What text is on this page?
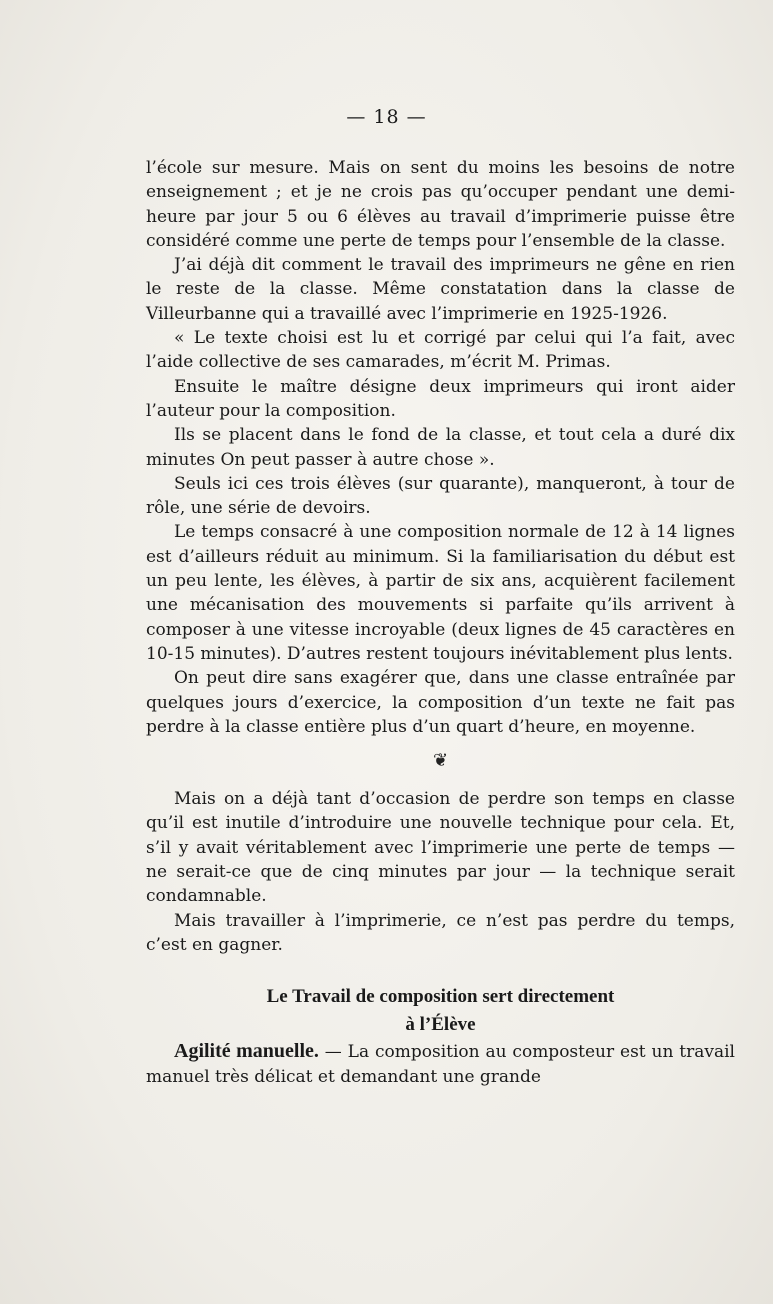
— 18 —

l’école sur mesure. Mais on sent du moins les besoins de notre enseignement ; et je ne crois pas qu’occuper pendant une demi-heure par jour 5 ou 6 élèves au travail d’imprimerie puisse être considéré comme une perte de temps pour l’ensemble de la classe.

J’ai déjà dit comment le travail des imprimeurs ne gêne en rien le reste de la classe. Même constatation dans la classe de Villeurbanne qui a travaillé avec l’imprimerie en 1925-1926.

« Le texte choisi est lu et corrigé par celui qui l’a fait, avec l’aide collective de ses camarades, m’écrit M. Primas.

Ensuite le maître désigne deux imprimeurs qui iront aider l’auteur pour la composition.

Ils se placent dans le fond de la classe, et tout cela a duré dix minutes On peut passer à autre chose ».

Seuls ici ces trois élèves (sur quarante), manqueront, à tour de rôle, une série de devoirs.

Le temps consacré à une composition normale de 12 à 14 lignes est d’ailleurs réduit au minimum. Si la familiarisation du début est un peu lente, les élèves, à partir de six ans, acquièrent facilement une mécanisation des mouvements si parfaite qu’ils arrivent à composer à une vitesse incroyable (deux lignes de 45 caractères en 10-15 minutes). D’autres restent toujours inévitablement plus lents.

On peut dire sans exagérer que, dans une classe entraînée par quelques jours d’exercice, la composition d’un texte ne fait pas perdre à la classe entière plus d’un quart d’heure, en moyenne.

❦

Mais on a déjà tant d’occasion de perdre son temps en classe qu’il est inutile d’introduire une nouvelle technique pour cela. Et, s’il y avait véritablement avec l’imprimerie une perte de temps — ne serait-ce que de cinq minutes par jour — la technique serait condamnable.

Mais travailler à l’imprimerie, ce n’est pas perdre du temps, c’est en gagner.

Le Travail de composition sert directement
à l’Élève

Agilité manuelle. — La composition au composteur est un travail manuel très délicat et demandant une grande
